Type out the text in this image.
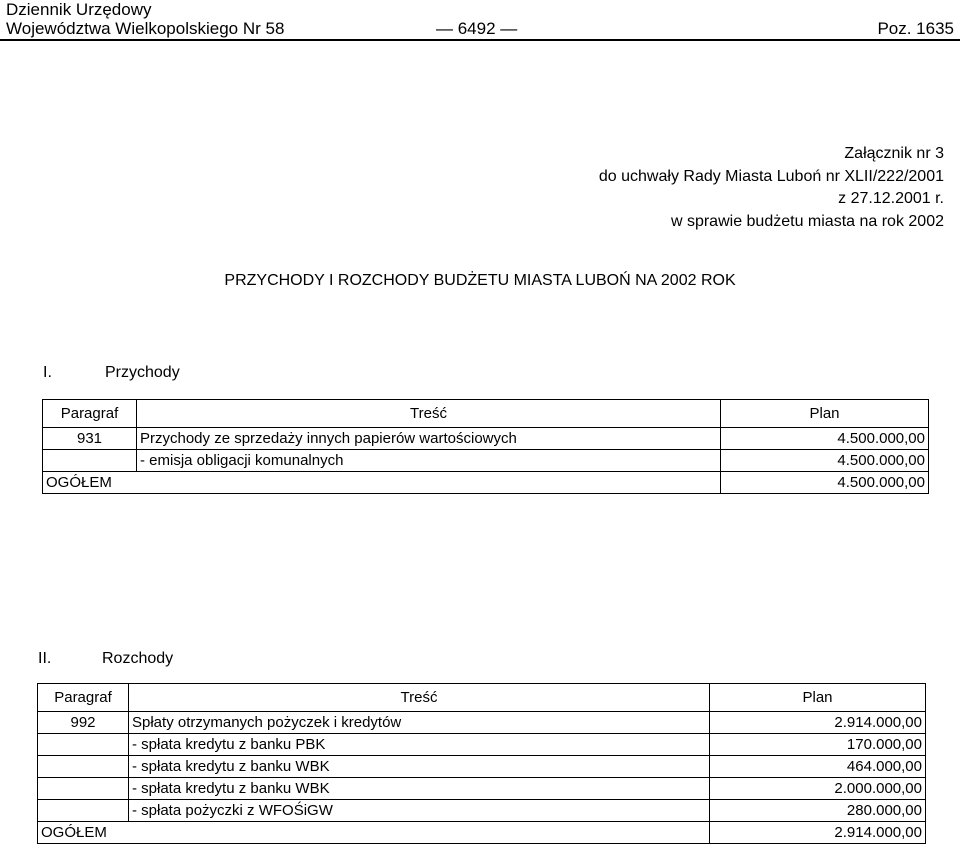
Dziennik Urzędowy
Województwa Wielkopolskiego Nr 58	— 6492 —	Poz. 1635
Załącznik nr 3
do uchwały Rady Miasta Luboń nr XLII/222/2001
z 27.12.2001 r.
w sprawie budżetu miasta na rok 2002
PRZYCHODY I ROZCHODY BUDŻETU MIASTA LUBOŃ NA 2002 ROK
I.	Przychody
Paragraf	Treść	Plan
931	Przychody ze sprzedaży innych papierów wartościowych	4.500.000,00
	- emisja obligacji komunalnych	4.500.000,00
OGÓŁEM		4.500.000,00
II.	Rozchody
Paragraf	Treść	Plan
992	Spłaty otrzymanych pożyczek i kredytów	2.914.000,00
	- spłata kredytu z banku PBK	170.000,00
	- spłata kredytu z banku WBK	464.000,00
	- spłata kredytu z banku WBK	2.000.000,00
	- spłata pożyczki z WFOŚiGW	280.000,00
OGÓŁEM		2.914.000,00
